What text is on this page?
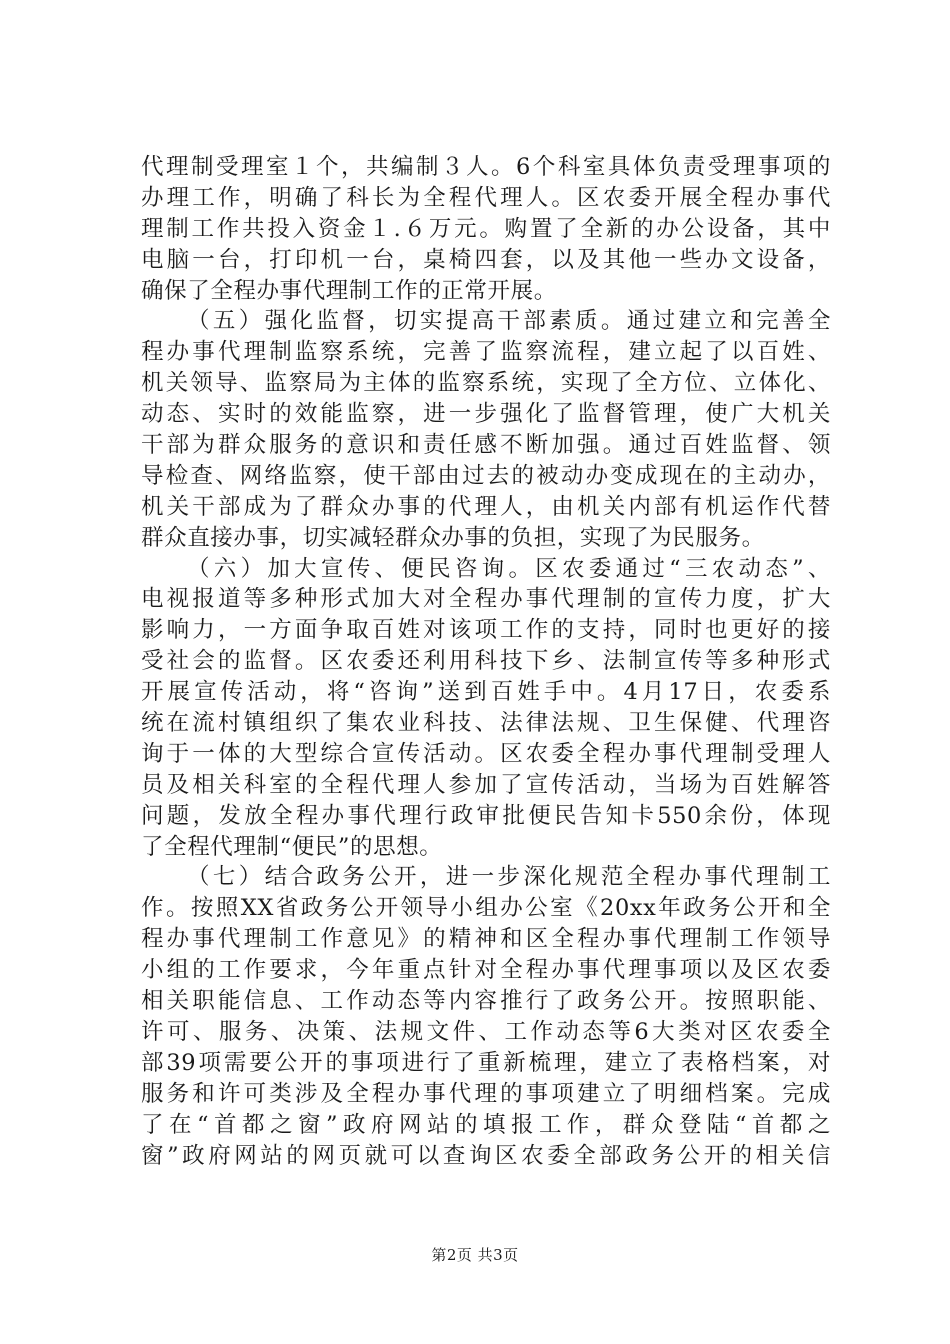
代理制受理室１个，共编制３人。6个科室具体负责受理事项的
办理工作，明确了科长为全程代理人。区农委开展全程办事代
理制工作共投入资金１.６万元。购置了全新的办公设备，其中
电脑一台，打印机一台，桌椅四套，以及其他一些办文设备，
确保了全程办事代理制工作的正常开展。
（五）强化监督，切实提高干部素质。通过建立和完善全
程办事代理制监察系统，完善了监察流程，建立起了以百姓、
机关领导、监察局为主体的监察系统，实现了全方位、立体化、
动态、实时的效能监察，进一步强化了监督管理，使广大机关
干部为群众服务的意识和责任感不断加强。通过百姓监督、领
导检查、网络监察，使干部由过去的被动办变成现在的主动办，
机关干部成为了群众办事的代理人，由机关内部有机运作代替
群众直接办事，切实减轻群众办事的负担，实现了为民服务。
（六）加大宣传、便民咨询。区农委通过“三农动态”、
电视报道等多种形式加大对全程办事代理制的宣传力度，扩大
影响力，一方面争取百姓对该项工作的支持，同时也更好的接
受社会的监督。区农委还利用科技下乡、法制宣传等多种形式
开展宣传活动，将“咨询”送到百姓手中。4月17日，农委系
统在流村镇组织了集农业科技、法律法规、卫生保健、代理咨
询于一体的大型综合宣传活动。区农委全程办事代理制受理人
员及相关科室的全程代理人参加了宣传活动，当场为百姓解答
问题，发放全程办事代理行政审批便民告知卡550余份，体现
了全程代理制“便民”的思想。
（七）结合政务公开，进一步深化规范全程办事代理制工
作。按照XX省政务公开领导小组办公室《20xx年政务公开和全
程办事代理制工作意见》的精神和区全程办事代理制工作领导
小组的工作要求，今年重点针对全程办事代理事项以及区农委
相关职能信息、工作动态等内容推行了政务公开。按照职能、
许可、服务、决策、法规文件、工作动态等6大类对区农委全
部39项需要公开的事项进行了重新梳理，建立了表格档案，对
服务和许可类涉及全程办事代理的事项建立了明细档案。完成
了在“首都之窗”政府网站的填报工作，群众登陆“首都之
窗”政府网站的网页就可以查询区农委全部政务公开的相关信
第2页 共3页
